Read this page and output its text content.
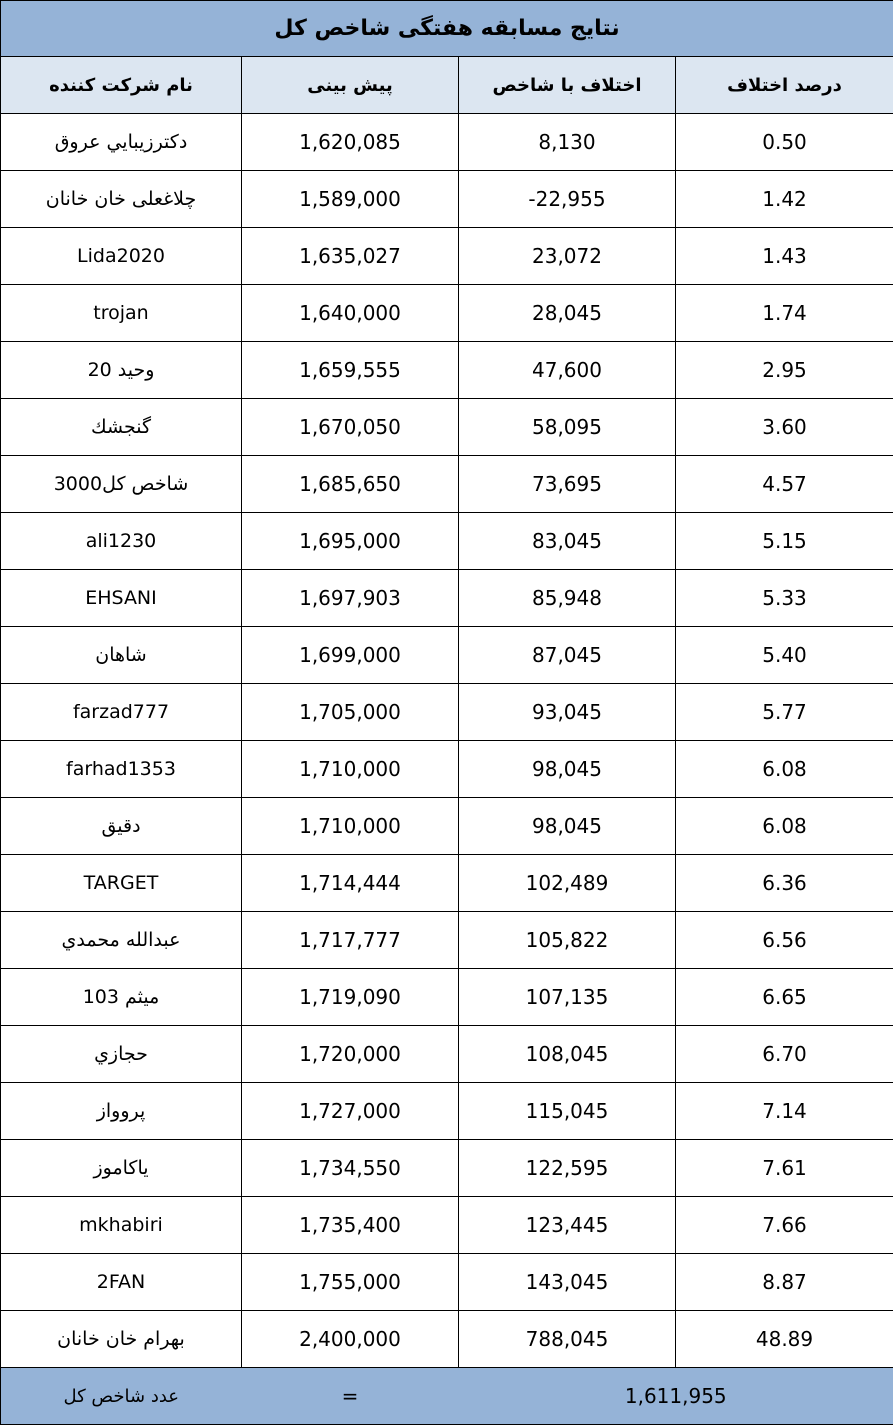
نتایج مسابقه هفتگی شاخص کل			
نام شرکت کننده	پیش بینی	اختلاف با شاخص	درصد اختلاف
دکترزيبايي عروق	1,620,085	8,130	0.50
چلاغعلی خان خانان	1,589,000	-22,955	1.42
Lida2020	1,635,027	23,072	1.43
trojan	1,640,000	28,045	1.74
وحيد 20	1,659,555	47,600	2.95
گنجشك	1,670,050	58,095	3.60
شاخص کل3000	1,685,650	73,695	4.57
ali1230	1,695,000	83,045	5.15
EHSANI	1,697,903	85,948	5.33
شاهان	1,699,000	87,045	5.40
farzad777	1,705,000	93,045	5.77
farhad1353	1,710,000	98,045	6.08
دقيق	1,710,000	98,045	6.08
TARGET	1,714,444	102,489	6.36
عبدالله محمدي	1,717,777	105,822	6.56
ميثم 103	1,719,090	107,135	6.65
حجازي	1,720,000	108,045	6.70
پروواز	1,727,000	115,045	7.14
ياكاموز	1,734,550	122,595	7.61
mkhabiri	1,735,400	123,445	7.66
2FAN	1,755,000	143,045	8.87
بهرام خان خانان	2,400,000	788,045	48.89
عدد شاخص کل	=	1,611,955	
